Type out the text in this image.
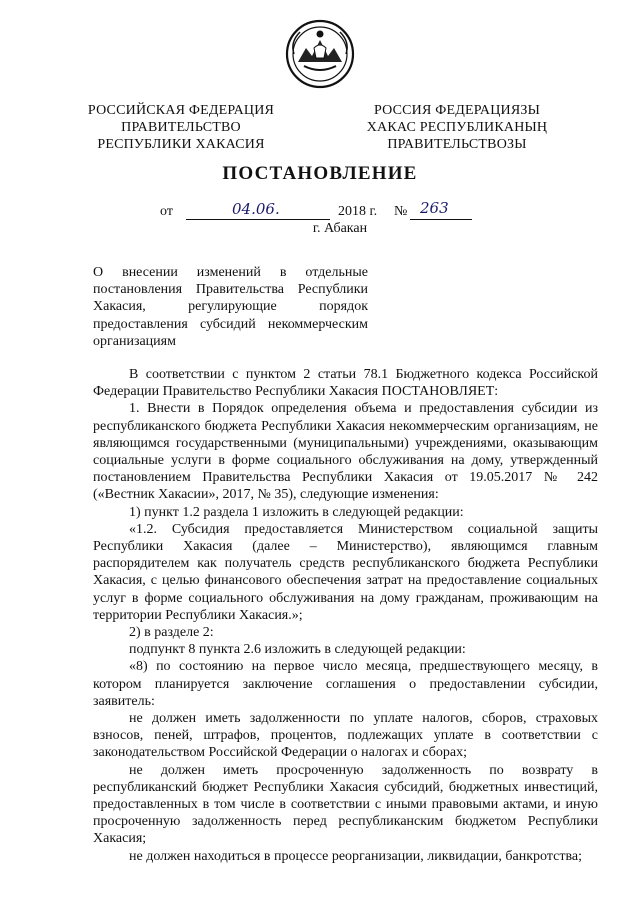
РОССИЙСКАЯ ФЕДЕРАЦИЯ
ПРАВИТЕЛЬСТВО
РЕСПУБЛИКИ ХАКАСИЯ
РОССИЯ ФЕДЕРАЦИЯЗЫ
ХАКАС РЕСПУБЛИКАНЫҢ
ПРАВИТЕЛЬСТВОЗЫ
ПОСТАНОВЛЕНИЕ
от	04.06.	2018 г. № 263
г. Абакан
О внесении изменений в отдельные постановления Правительства Республики Хакасия, регулирующие порядок предоставления субсидий некоммерческим организациям

В соответствии с пунктом 2 статьи 78.1 Бюджетного кодекса Российской Федерации Правительство Республики Хакасия ПОСТАНОВЛЯЕТ:

1. Внести в Порядок определения объема и предоставления субсидии из республиканского бюджета Республики Хакасия некоммерческим организациям, не являющимся государственными (муниципальными) учреждениями, оказывающим социальные услуги в форме социального обслуживания на дому, утвержденный постановлением Правительства Республики Хакасия от 19.05.2017 № 242 («Вестник Хакасии», 2017, № 35), следующие изменения:

1) пункт 1.2 раздела 1 изложить в следующей редакции:

«1.2. Субсидия предоставляется Министерством социальной защиты Республики Хакасия (далее – Министерство), являющимся главным распорядителем как получатель средств республиканского бюджета Республики Хакасия, с целью финансового обеспечения затрат на предоставление социальных услуг в форме социального обслуживания на дому гражданам, проживающим на территории Республики Хакасия.»;

2) в разделе 2:

подпункт 8 пункта 2.6 изложить в следующей редакции:

«8) по состоянию на первое число месяца, предшествующего месяцу, в котором планируется заключение соглашения о предоставлении субсидии, заявитель:

не должен иметь задолженности по уплате налогов, сборов, страховых взносов, пеней, штрафов, процентов, подлежащих уплате в соответствии с законодательством Российской Федерации о налогах и сборах;

не должен иметь просроченную задолженность по возврату в республиканский бюджет Республики Хакасия субсидий, бюджетных инвестиций, предоставленных в том числе в соответствии с иными правовыми актами, и иную просроченную задолженность перед республиканским бюджетом Республики Хакасия;

не должен находиться в процессе реорганизации, ликвидации, банкротства;
